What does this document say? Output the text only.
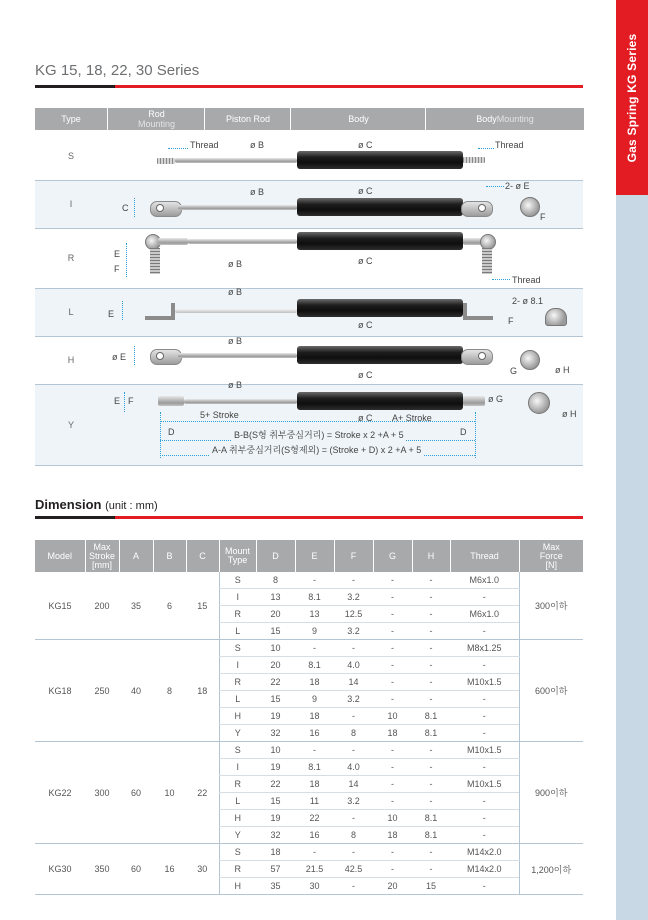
Gas Spring KG Series
KG 15, 18, 22, 30 Series
Type	Rod
Mounting	Piston Rod	Body	Body Mounting
S
I
R
L
H
Y
Thread	ø B	ø C	Thread
C
ø B	ø C	2- ø E
F
E
F	ø B	ø C
Thread
E
ø B
ø C
2- ø 8.1
F
ø E
ø B
ø C	G	ø H
E F
ø B
5+ Stroke	ø C A+ Stroke
ø G
ø H
D	D
B-B(S형 취부중심거리) = Stroke x 2 +A + 5
A-A 취부중심거리(S형제외) = (Stroke + D) x 2 +A + 5
Dimension (unit : mm)
Model	Max
Stroke
[mm]	A	B	C	Mount
Type	D	E	F	G	H	Thread	Max
Force
[N]
KG15	200	35	6	15	S	8	-	-	-	-	M6x1.0	300이하
					I	13	8.1	3.2	-	-	-	
					R	20	13	12.5	-	-	M6x1.0	
					L	15	9	3.2	-	-	-	
KG18	250	40	8	18	S	10	-	-	-	-	M8x1.25	600이하
					I	20	8.1	4.0	-	-	-	
					R	22	18	14	-	-	M10x1.5	
					L	15	9	3.2	-	-	-	
					H	19	18	-	10	8.1	-	
					Y	32	16	8	18	8.1	-	
KG22	300	60	10	22	S	10	-	-	-	-	M10x1.5	900이하
					I	19	8.1	4.0	-	-	-	
					R	22	18	14	-	-	M10x1.5	
					L	15	11	3.2	-	-	-	
					H	19	22	-	10	8.1	-	
					Y	32	16	8	18	8.1	-	
KG30	350	60	16	30	S	18	-	-	-	-	M14x2.0	1,200이하
					R	57	21.5	42.5	-	-	M14x2.0	
					H	35	30	-	20	15	-	
